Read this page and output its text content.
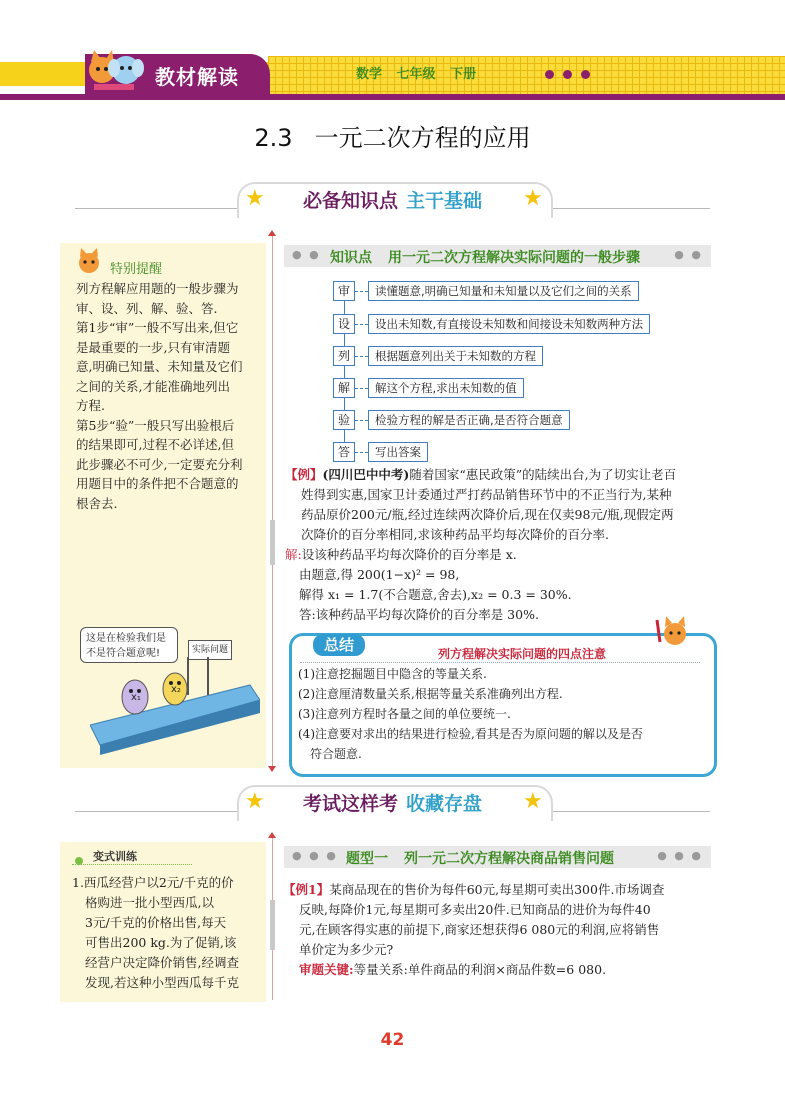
教材解读	数学 七年级 下册
2.3 一元二次方程的应用
★	★
必备知识点 主干基础
特别提醒

列方程解应用题的一般步骤为

审、设、列、解、验、答.

第1步“审”一般不写出来,但它

是最重要的一步,只有审清题

意,明确已知量、未知量及它们

之间的关系,才能准确地列出

方程.

第5步“验”一般只写出验根后

的结果即可,过程不必详述,但

此步骤必不可少,一定要充分利

用题目中的条件把不合题意的

根舍去.

这是在检验我们是
不是符合题意呢!	实际问题
x₁
x₂
● ● 知识点 用一元二次方程解决实际问题的一般步骤	● ●
审	读懂题意,明确已知量和未知量以及它们之间的关系
设	设出未知数,有直接设未知数和间接设未知数两种方法
列	根据题意列出关于未知数的方程
解	解这个方程,求出未知数的值
验	检验方程的解是否正确,是否符合题意
答	写出答案
【例】(四川巴中中考)随着国家“惠民政策”的陆续出台,为了切实让老百
姓得到实惠,国家卫计委通过严打药品销售环节中的不正当行为,某种
药品原价200元/瓶,经过连续两次降价后,现在仅卖98元/瓶,现假定两
次降价的百分率相同,求该种药品平均每次降价的百分率.
解:设该种药品平均每次降价的百分率是 x.
由题意,得 200(1−x)² = 98,
解得 x₁ = 1.7(不合题意,舍去),x₂ = 0.3 = 30%.
答:该种药品平均每次降价的百分率是 30%.
总结	列方程解决实际问题的四点注意
(1)注意挖掘题目中隐含的等量关系.
(2)注意厘清数量关系,根据等量关系准确列出方程.
(3)注意列方程时各量之间的单位要统一.
(4)注意要对求出的结果进行检验,看其是否为原问题的解以及是否
符合题意.
★	★
考试这样考 收藏存盘
变式训练

1.西瓜经营户以2元/千克的价

格购进一批小型西瓜,以

3元/千克的价格出售,每天

可售出200 kg.为了促销,该

经营户决定降价销售,经调查

发现,若这种小型西瓜每千克

● ● ● 题型一 列一元二次方程解决商品销售问题	● ● ●
【例1】某商品现在的售价为每件60元,每星期可卖出300件.市场调查
反映,每降价1元,每星期可多卖出20件.已知商品的进价为每件40
元,在顾客得实惠的前提下,商家还想获得6 080元的利润,应将销售
单价定为多少元?
审题关键:等量关系:单件商品的利润×商品件数=6 080.
42
